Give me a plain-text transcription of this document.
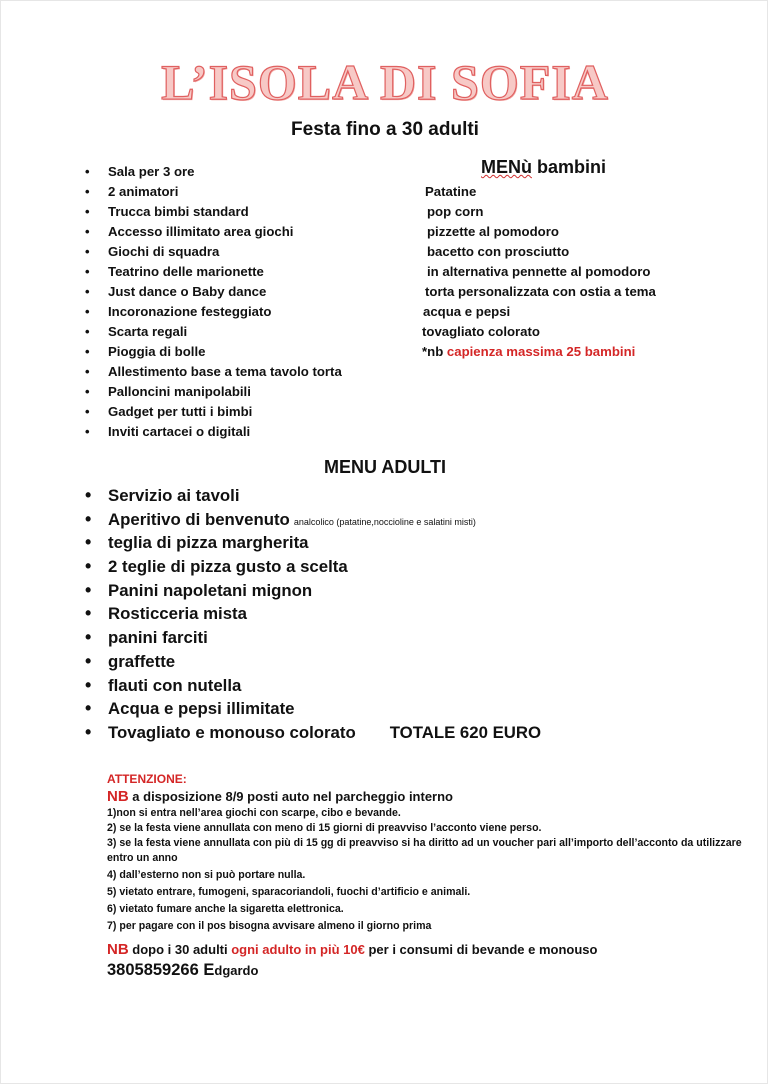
L’ISOLA DI SOFIA
Festa fino a 30 adulti
• Sala per 3 ore
• 2 animatori
• Trucca bimbi standard
• Accesso illimitato area giochi
• Giochi di squadra
• Teatrino delle marionette
• Just dance o Baby dance
• Incoronazione festeggiato
• Scarta regali
• Pioggia di bolle
• Allestimento base a tema tavolo torta
• Palloncini manipolabili
• Gadget per tutti i bimbi
• Inviti cartacei o digitali
MENù bambini
Patatine
pop corn
pizzette al pomodoro
bacetto con prosciutto
in alternativa pennette al pomodoro
torta personalizzata con ostia a tema
acqua e pepsi
tovagliato colorato
*nb capienza massima 25 bambini
MENU ADULTI
• Servizio ai tavoli
• Aperitivo di benvenuto analcolico (patatine,noccioline e salatini misti)
• teglia di pizza margherita
• 2 teglie di pizza gusto a scelta
• Panini napoletani mignon
• Rosticceria mista
• panini farciti
• graffette
• flauti con nutella
• Acqua e pepsi illimitate
• Tovagliato e monouso colorato TOTALE 620 EURO
ATTENZIONE:
NB a disposizione 8/9 posti auto nel parcheggio interno
1)non si entra nell’area giochi con scarpe, cibo e bevande.
2) se la festa viene annullata con meno di 15 giorni di preavviso l’acconto viene perso.
3) se la festa viene annullata con più di 15 gg di preavviso si ha diritto ad un voucher pari all’importo dell’acconto da utilizzare entro un anno
4) dall’esterno non si può portare nulla.
5) vietato entrare, fumogeni, sparacoriandoli, fuochi d’artificio e animali.
6) vietato fumare anche la sigaretta elettronica.
7) per pagare con il pos bisogna avvisare almeno il giorno prima
NB dopo i 30 adulti ogni adulto in più 10€ per i consumi di bevande e monouso
3805859266 Edgardo
